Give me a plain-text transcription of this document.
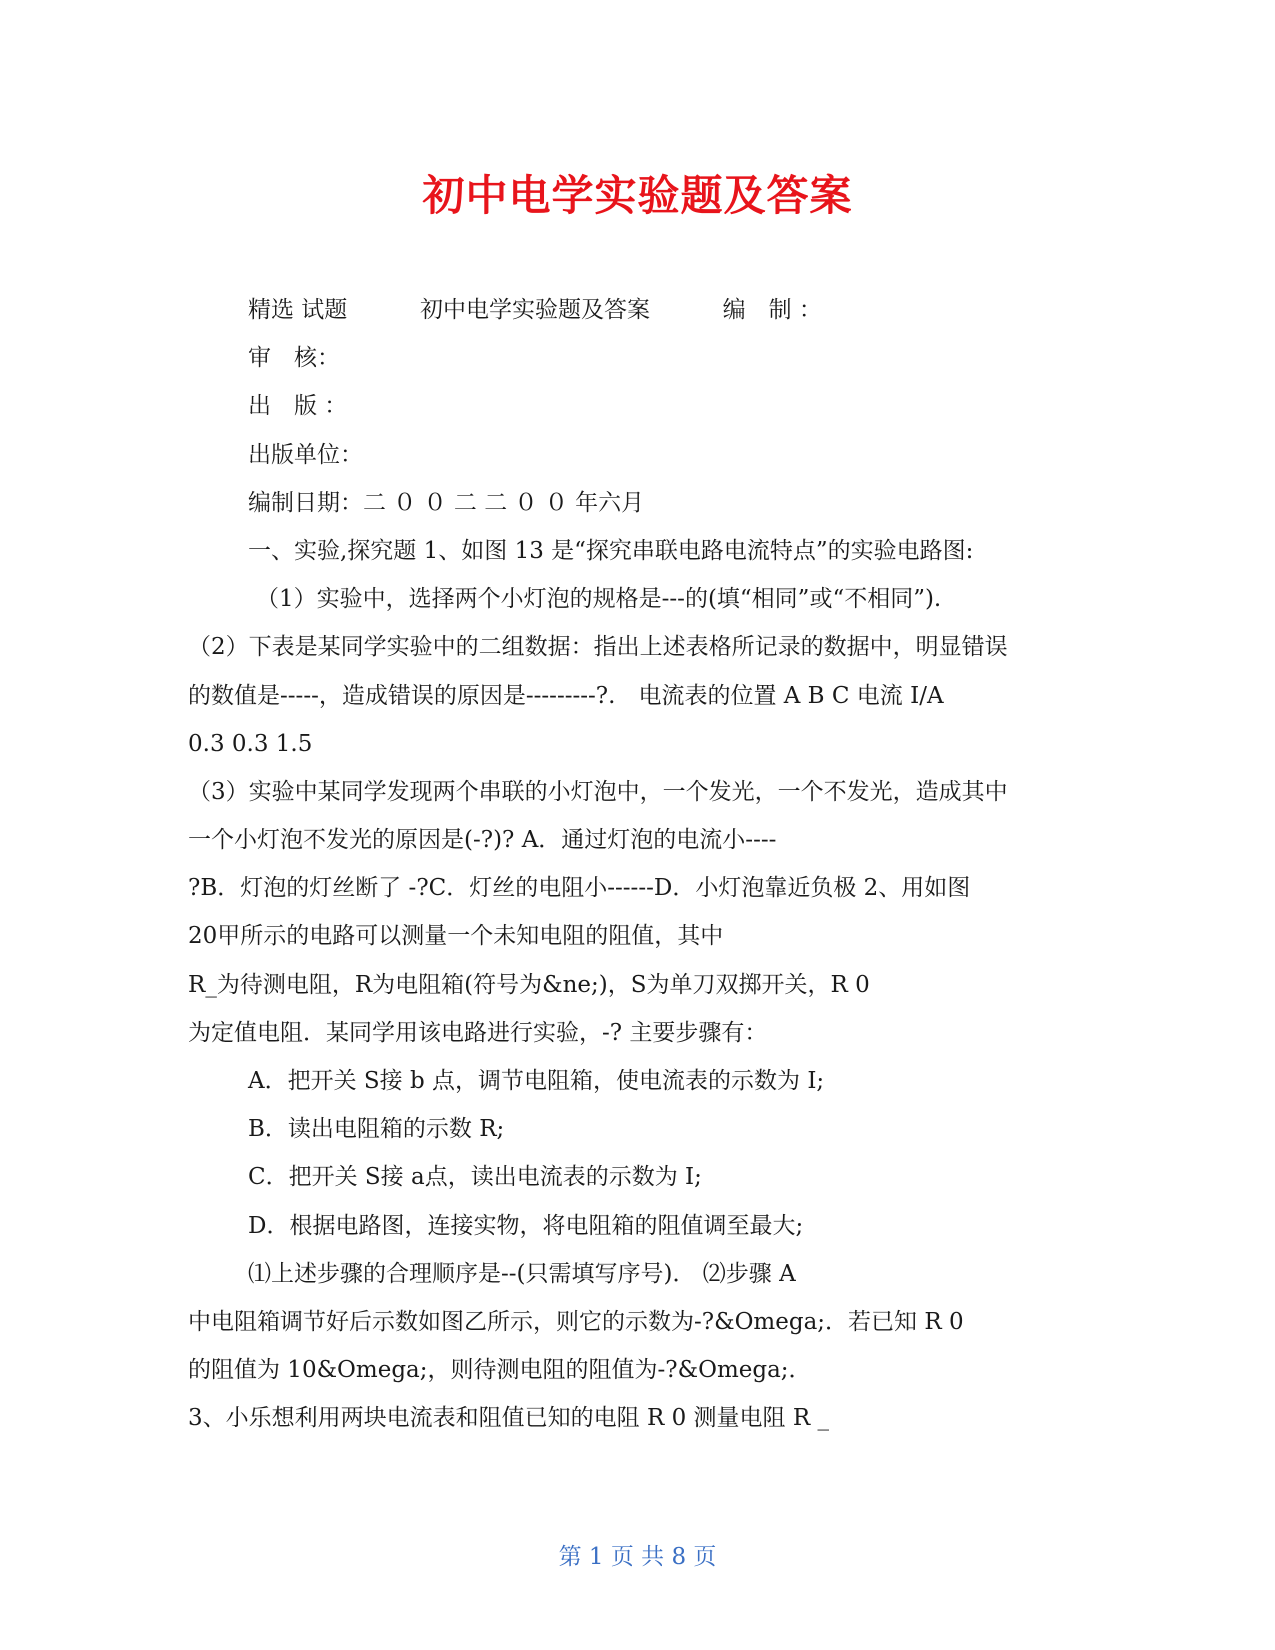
初中电学实验题及答案
精选 试题	初中电学实验题及答案	编　制 ：
审　核：
出　版 ：
出版单位：
编制日期：二 ０ ０ 二 二 ０ ０ 年六月
一、实验,探究题 1、如图 13 是“探究串联电路电流特点”的实验电路图:
（1）实验中，选择两个小灯泡的规格是---的(填“相同”或“不相同”).
（2）下表是某同学实验中的二组数据：指出上述表格所记录的数据中，明显错误
的数值是-----，造成错误的原因是---------?.　电流表的位置 A B C 电流 I/A
0.3 0.3 1.5
（3）实验中某同学发现两个串联的小灯泡中，一个发光，一个不发光，造成其中
一个小灯泡不发光的原因是(-?)? A．通过灯泡的电流小----
?B．灯泡的灯丝断了 -?C．灯丝的电阻小------D．小灯泡靠近负极 2、用如图
20甲所示的电路可以测量一个未知电阻的阻值，其中
R_为待测电阻，R为电阻箱(符号为&ne;)，S为单刀双掷开关，R 0
为定值电阻．某同学用该电路进行实验，-? 主要步骤有：
A．把开关 S接 b 点，调节电阻箱，使电流表的示数为 I;
B．读出电阻箱的示数 R;
C．把开关 S接 a点，读出电流表的示数为 I;
D．根据电路图，连接实物，将电阻箱的阻值调至最大;
⑴上述步骤的合理顺序是--(只需填写序号)． ⑵步骤 A
中电阻箱调节好后示数如图乙所示，则它的示数为-?&Omega;．若已知 R 0
的阻值为 10&Omega;，则待测电阻的阻值为-?&Omega;．
3、小乐想利用两块电流表和阻值已知的电阻 R 0 测量电阻 R _
第 1 页 共 8 页
